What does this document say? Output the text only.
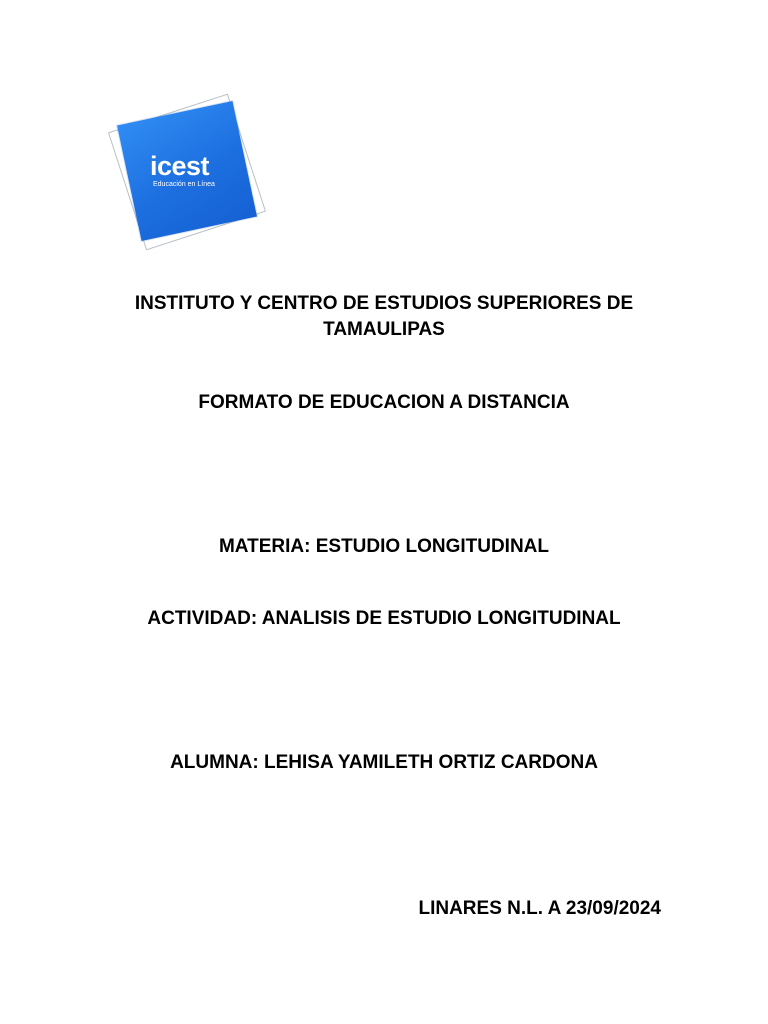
icest
Educación en Línea

INSTITUTO Y CENTRO DE ESTUDIOS SUPERIORES DE

TAMAULIPAS

FORMATO DE EDUCACION A DISTANCIA

MATERIA: ESTUDIO LONGITUDINAL

ACTIVIDAD: ANALISIS DE ESTUDIO LONGITUDINAL

ALUMNA: LEHISA YAMILETH ORTIZ CARDONA

LINARES N.L. A 23/09/2024
